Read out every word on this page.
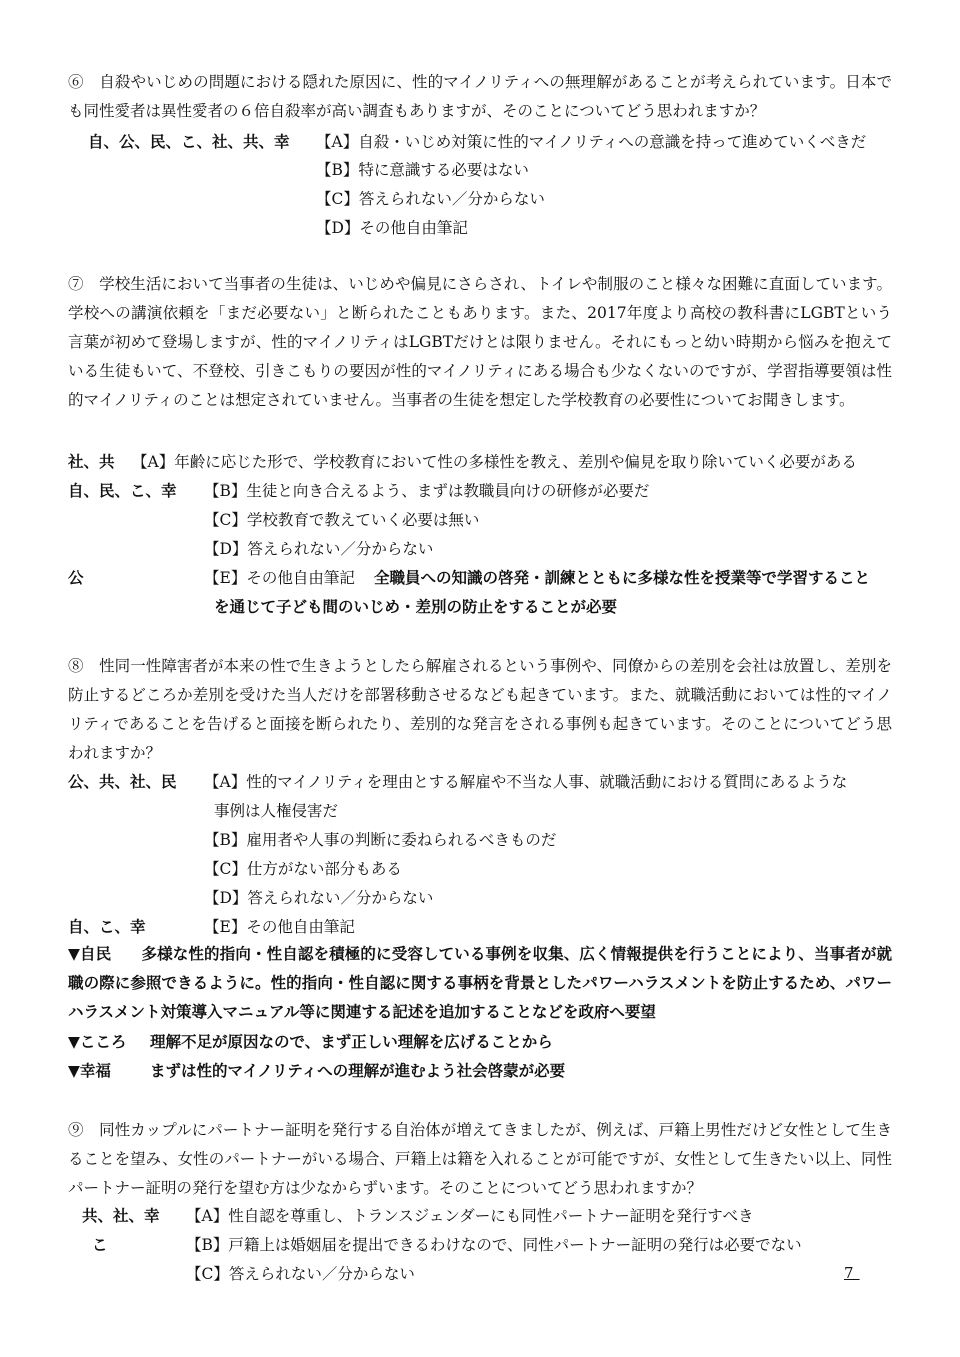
⑥　自殺やいじめの問題における隠れた原因に、性的マイノリティへの無理解があることが考えられています。日本でも同性愛者は異性愛者の６倍自殺率が高い調査もありますが、そのことについてどう思われますか？
自、公、民、こ、社、共、幸 【A】自殺・いじめ対策に性的マイノリティへの意識を持って進めていくべきだ
【B】特に意識する必要はない
【C】答えられない／分からない
【D】その他自由筆記
⑦　学校生活において当事者の生徒は、いじめや偏見にさらされ、トイレや制服のこと様々な困難に直面しています。学校への講演依頼を「まだ必要ない」と断られたこともあります。また、2017年度より高校の教科書にLGBTという言葉が初めて登場しますが、性的マイノリティはLGBTだけとは限りません。それにもっと幼い時期から悩みを抱えている生徒もいて、不登校、引きこもりの要因が性的マイノリティにある場合も少なくないのですが、学習指導要領は性的マイノリティのことは想定されていません。当事者の生徒を想定した学校教育の必要性についてお聞きします。
社、共 【A】年齢に応じた形で、学校教育において性の多様性を教え、差別や偏見を取り除いていく必要がある
自、民、こ、幸 【B】生徒と向き合えるよう、まずは教職員向けの研修が必要だ
【C】学校教育で教えていく必要は無い
【D】答えられない／分からない
公	【E】その他自由筆記 全職員への知識の啓発・訓練とともに多様な性を授業等で学習すること
を通じて子ども間のいじめ・差別の防止をすることが必要
⑧　性同一性障害者が本来の性で生きようとしたら解雇されるという事例や、同僚からの差別を会社は放置し、差別を防止するどころか差別を受けた当人だけを部署移動させるなども起きています。また、就職活動においては性的マイノリティであることを告げると面接を断られたり、差別的な発言をされる事例も起きています。そのことについてどう思われますか？
公、共、社、民 【A】性的マイノリティを理由とする解雇や不当な人事、就職活動における質問にあるような
事例は人権侵害だ
【B】雇用者や人事の判断に委ねられるべきものだ
【C】仕方がない部分もある
【D】答えられない／分からない
自、こ、幸	【E】その他自由筆記
▼自民 多様な性的指向・性自認を積極的に受容している事例を収集、広く情報提供を行うことにより、当事者が就職の際に参照できるように。性的指向・性自認に関する事柄を背景としたパワーハラスメントを防止するため、パワーハラスメント対策導入マニュアル等に関連する記述を追加することなどを政府へ要望
▼こころ 理解不足が原因なので、まず正しい理解を広げることから
▼幸福	まずは性的マイノリティへの理解が進むよう社会啓蒙が必要
⑨　同性カップルにパートナー証明を発行する自治体が増えてきましたが、例えば、戸籍上男性だけど女性として生きることを望み、女性のパートナーがいる場合、戸籍上は籍を入れることが可能ですが、女性として生きたい以上、同性パートナー証明の発行を望む方は少なからずいます。そのことについてどう思われますか？
共、社、幸 【A】性自認を尊重し、トランスジェンダーにも同性パートナー証明を発行すべき
こ	【B】戸籍上は婚姻届を提出できるわけなので、同性パートナー証明の発行は必要でない
【C】答えられない／分からない	7
